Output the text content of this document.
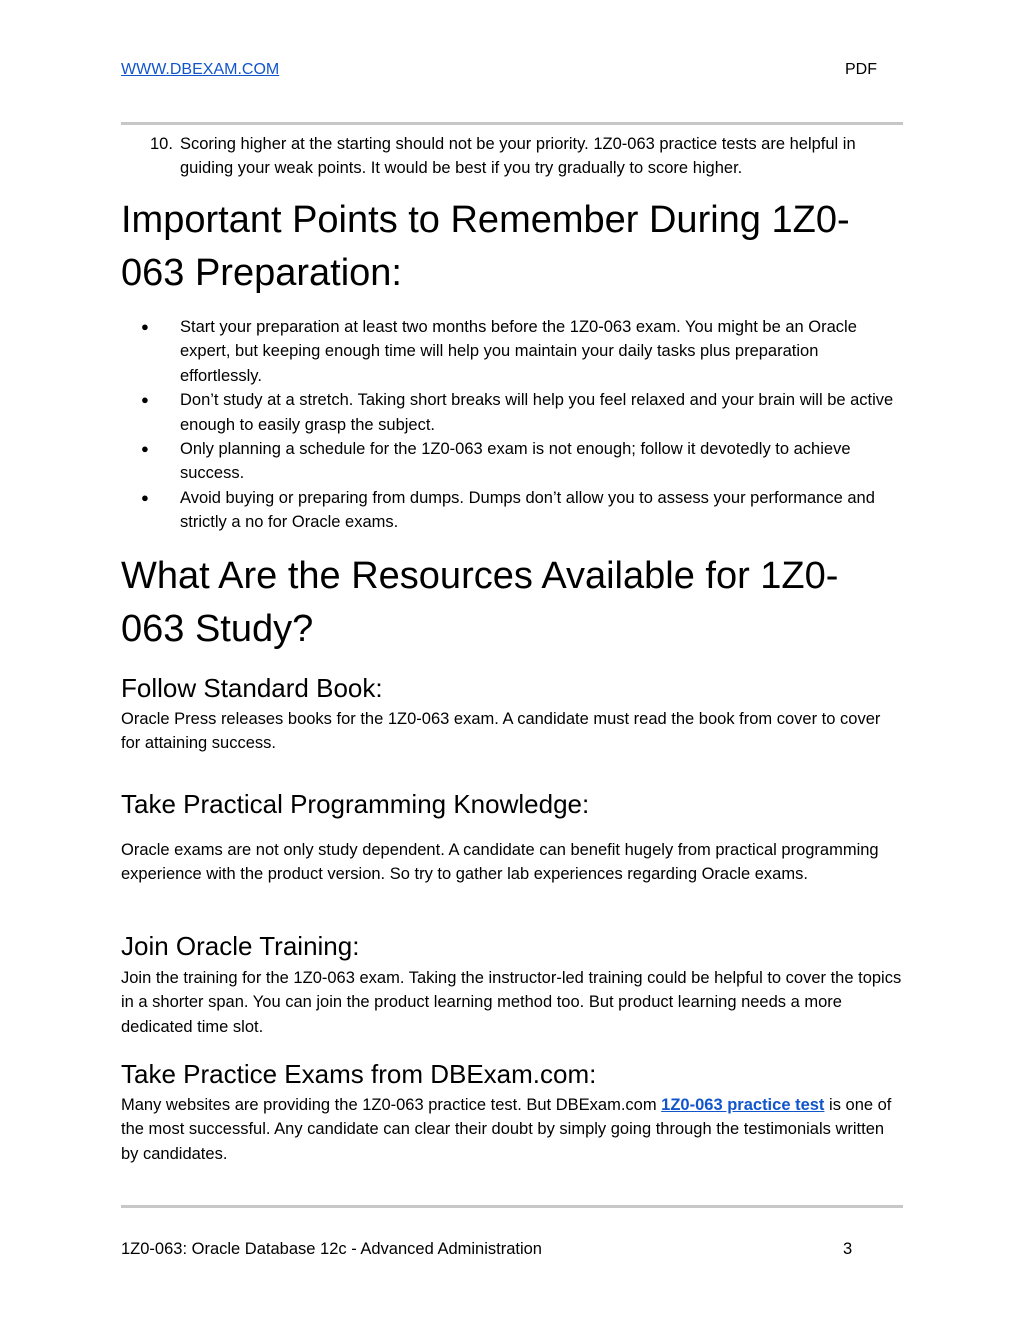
WWW.DBEXAM.COM	PDF
10. Scoring higher at the starting should not be your priority. 1Z0-063 practice tests are helpful in guiding your weak points. It would be best if you try gradually to score higher.
Important Points to Remember During 1Z0-
063 Preparation:
● Start your preparation at least two months before the 1Z0-063 exam. You might be an Oracle expert, but keeping enough time will help you maintain your daily tasks plus preparation effortlessly.
● Don’t study at a stretch. Taking short breaks will help you feel relaxed and your brain will be active enough to easily grasp the subject.
● Only planning a schedule for the 1Z0-063 exam is not enough; follow it devotedly to achieve success.
● Avoid buying or preparing from dumps. Dumps don’t allow you to assess your performance and strictly a no for Oracle exams.
What Are the Resources Available for 1Z0-
063 Study?
Follow Standard Book:

Oracle Press releases books for the 1Z0-063 exam. A candidate must read the book from cover to cover for attaining success.

Take Practical Programming Knowledge:

Oracle exams are not only study dependent. A candidate can benefit hugely from practical programming experience with the product version. So try to gather lab experiences regarding Oracle exams.

Join Oracle Training:

Join the training for the 1Z0-063 exam. Taking the instructor-led training could be helpful to cover the topics in a shorter span. You can join the product learning method too. But product learning needs a more dedicated time slot.

Take Practice Exams from DBExam.com:

Many websites are providing the 1Z0-063 practice test. But DBExam.com 1Z0-063 practice test is one of the most successful. Any candidate can clear their doubt by simply going through the testimonials written by candidates.

1Z0-063: Oracle Database 12c - Advanced Administration	3
